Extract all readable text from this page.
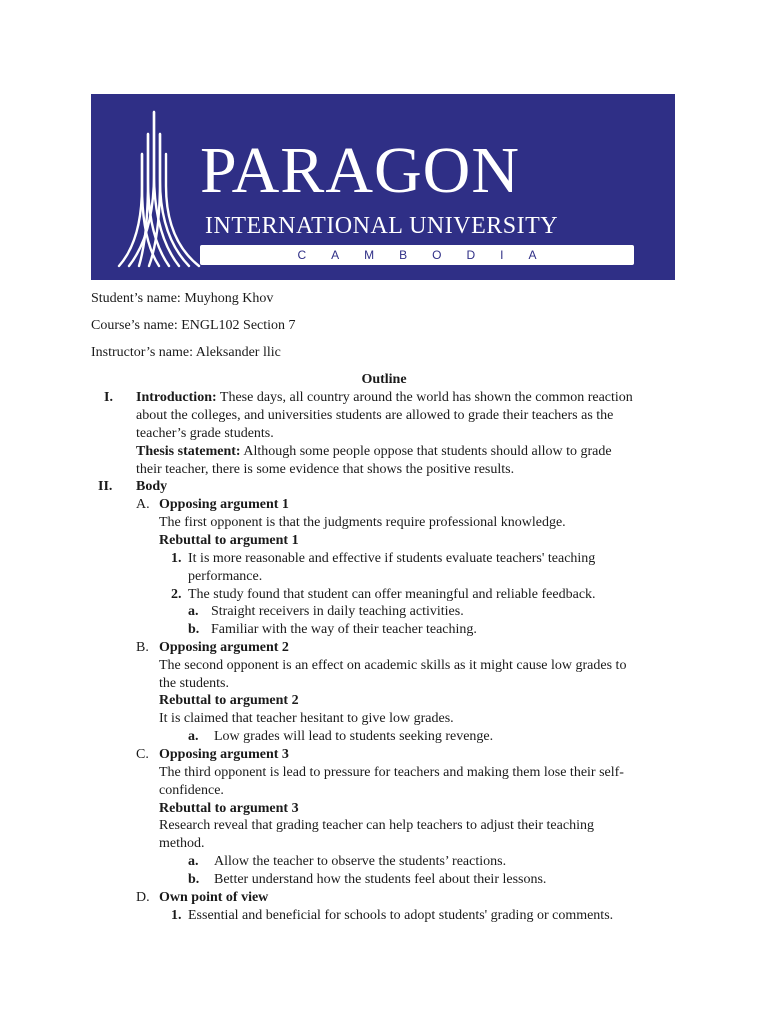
PARAGON
INTERNATIONAL UNIVERSITY
CAMBODIA
Student’s name: Muyhong Khov
Course’s name: ENGL102 Section 7
Instructor’s name: Aleksander llic
Outline
I. Introduction: These days, all country around the world has shown the common reaction
about the colleges, and universities students are allowed to grade their teachers as the
teacher’s grade students.
Thesis statement: Although some people oppose that students should allow to grade
their teacher, there is some evidence that shows the positive results.
II. Body
A. Opposing argument 1
The first opponent is that the judgments require professional knowledge.
Rebuttal to argument 1
1. It is more reasonable and effective if students evaluate teachers' teaching
performance.
2. The study found that student can offer meaningful and reliable feedback.
a. Straight receivers in daily teaching activities.
b. Familiar with the way of their teacher teaching.
B. Opposing argument 2
The second opponent is an effect on academic skills as it might cause low grades to
the students.
Rebuttal to argument 2
It is claimed that teacher hesitant to give low grades.
a. Low grades will lead to students seeking revenge.
C. Opposing argument 3
The third opponent is lead to pressure for teachers and making them lose their self-
confidence.
Rebuttal to argument 3
Research reveal that grading teacher can help teachers to adjust their teaching
method.
a. Allow the teacher to observe the students’ reactions.
b. Better understand how the students feel about their lessons.
D. Own point of view
1. Essential and beneficial for schools to adopt students' grading or comments.
